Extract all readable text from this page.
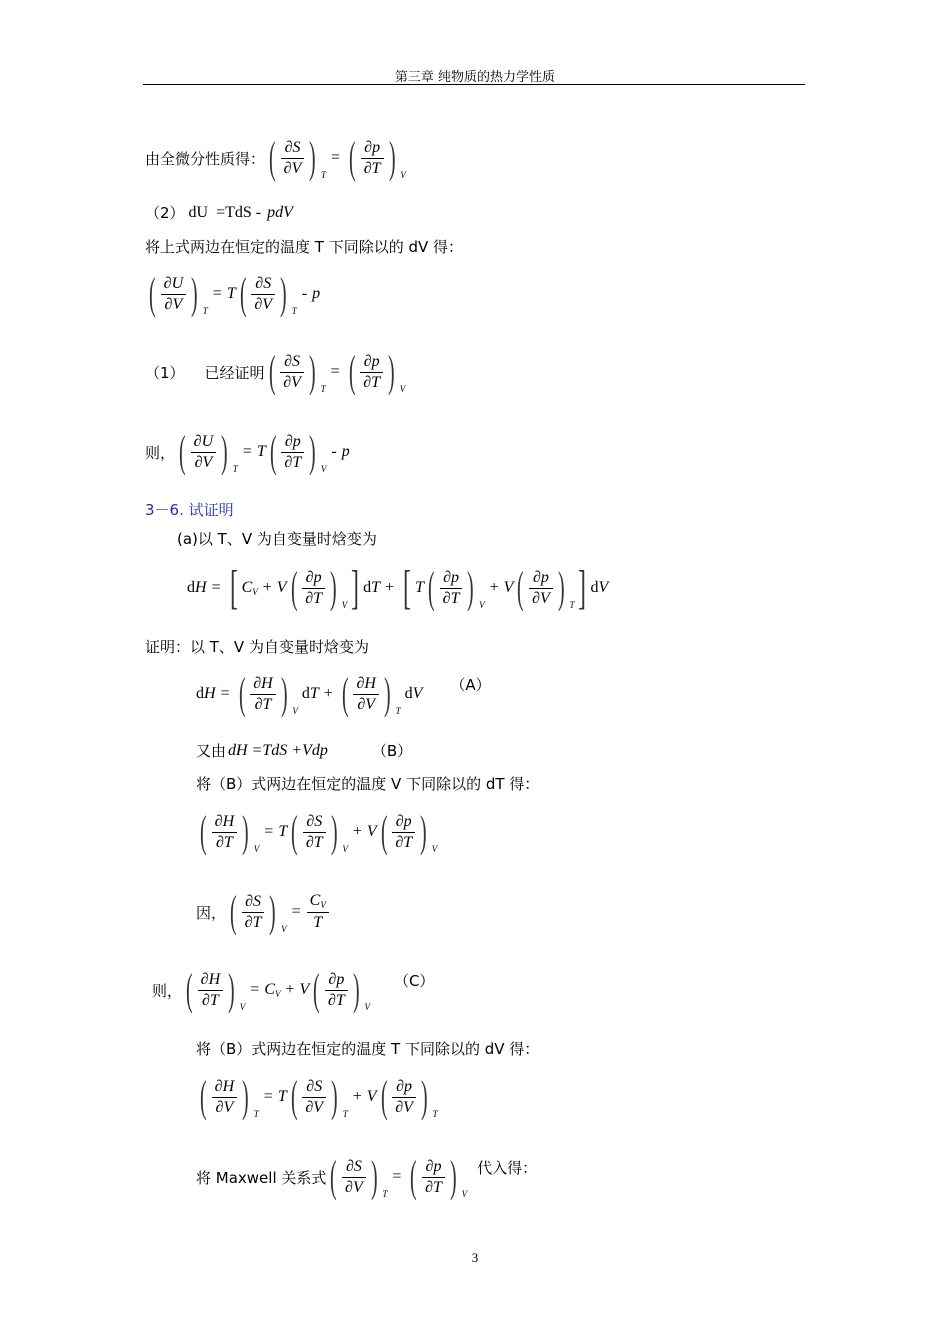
第三章 纯物质的热力学性质
由全微分性质得： ( $\frac{\partial S}{\partial V}$ ) T
= ( $\frac{\partial p}{\partial T}$ ) V
（2） dU =TdS - pdV
将上式两边在恒定的温度 T 下同除以的 dV 得：
( $\frac{\partial U}{\partial V}$ ) T
= T ( $\frac{\partial S}{\partial V}$ ) T
- p
（1） 已经证明 ( $\frac{\partial S}{\partial V}$ ) T
= ( $\frac{\partial p}{\partial T}$ ) V
则， ( $\frac{\partial U}{\partial V}$ ) T
= T ( $\frac{\partial p}{\partial T}$ ) V
- p
3－6. 试证明
(a)以 T、V 为自变量时焓变为
d H = [ C V + V ( $\frac{\partial p}{\partial T}$ ) V ] d T + [ T ( $\frac{\partial p}{\partial T}$ ) V
+ V ( $\frac{\partial p}{\partial V}$ ) T ] d V
证明：以 T、V 为自变量时焓变为
d H = ( $\frac{\partial H}{\partial T}$ ) V
d T + ( $\frac{\partial H}{\partial V}$ ) T
d V （A）
又由 dH =TdS +Vdp	（B）
将（B）式两边在恒定的温度 V 下同除以的 dT 得：
( $\frac{\partial H}{\partial T}$ ) V
= T ( $\frac{\partial S}{\partial T}$ ) V
+ V ( $\frac{\partial p}{\partial T}$ ) V
因， ( $\frac{\partial S}{\partial T}$ ) V
= $\frac{CV}{T}$
则， ( $\frac{\partial H}{\partial T}$ ) V
= C V + V ( $\frac{\partial p}{\partial T}$ ) V
（C）
将（B）式两边在恒定的温度 T 下同除以的 dV 得：
( $\frac{\partial H}{\partial V}$ ) T
= T ( $\frac{\partial S}{\partial V}$ ) T
+ V ( $\frac{\partial p}{\partial V}$ ) T
将 Maxwell 关系式 ( $\frac{\partial S}{\partial V}$ ) T
= ( $\frac{\partial p}{\partial T}$ ) V
代入得：
3
